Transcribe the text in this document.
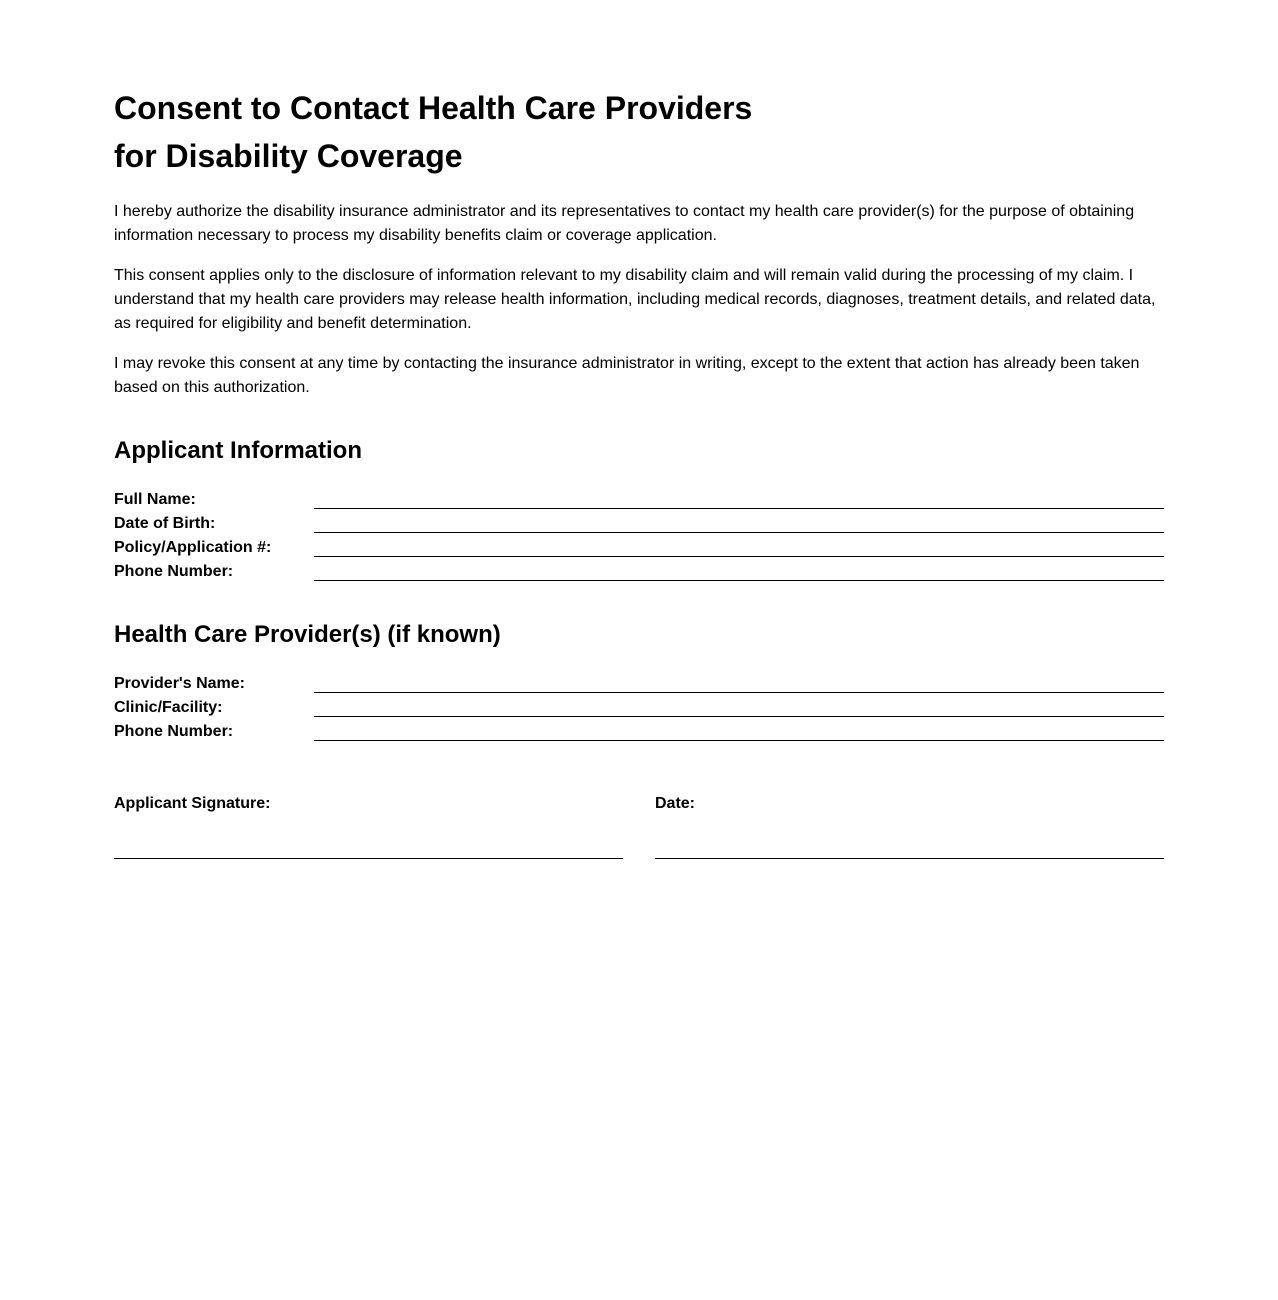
Consent to Contact Health Care Providers
for Disability Coverage

I hereby authorize the disability insurance administrator and its representatives to contact my health care provider(s) for the purpose of obtaining information necessary to process my disability benefits claim or coverage application.

This consent applies only to the disclosure of information relevant to my disability claim and will remain valid during the processing of my claim. I understand that my health care providers may release health information, including medical records, diagnoses, treatment details, and related data, as required for eligibility and benefit determination.

I may revoke this consent at any time by contacting the insurance administrator in writing, except to the extent that action has already been taken based on this authorization.

Applicant Information
Full Name:
Date of Birth:
Policy/Application #:
Phone Number:
Health Care Provider(s) (if known)
Provider's Name:
Clinic/Facility:
Phone Number:
Applicant Signature:	Date:
